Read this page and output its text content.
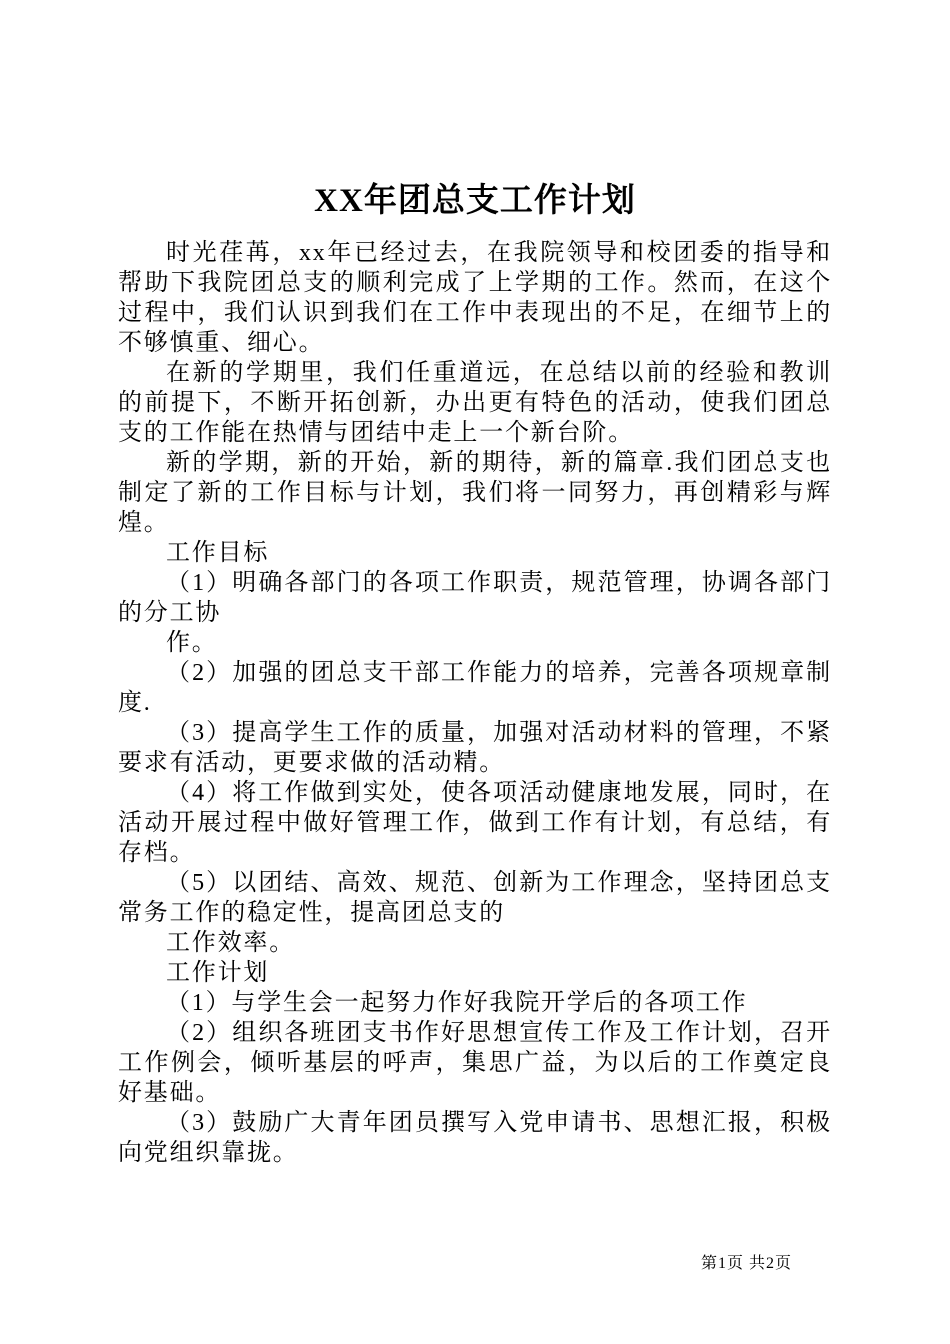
XX年团总支工作计划

时光荏苒，xx年已经过去，在我院领导和校团委的指导和帮助下我院团总支的顺利完成了上学期的工作。然而，在这个过程中，我们认识到我们在工作中表现出的不足，在细节上的不够慎重、细心。

在新的学期里，我们任重道远，在总结以前的经验和教训的前提下，不断开拓创新，办出更有特色的活动，使我们团总支的工作能在热情与团结中走上一个新台阶。

新的学期，新的开始，新的期待，新的篇章.我们团总支也制定了新的工作目标与计划，我们将一同努力，再创精彩与辉煌。

工作目标

（1）明确各部门的各项工作职责，规范管理，协调各部门的分工协

作。

（2）加强的团总支干部工作能力的培养，完善各项规章制度.

（3）提高学生工作的质量，加强对活动材料的管理，不紧要求有活动，更要求做的活动精。

（4）将工作做到实处，使各项活动健康地发展，同时，在活动开展过程中做好管理工作，做到工作有计划，有总结，有存档。

（5）以团结、高效、规范、创新为工作理念，坚持团总支常务工作的稳定性，提高团总支的

工作效率。

工作计划

（1）与学生会一起努力作好我院开学后的各项工作

（2）组织各班团支书作好思想宣传工作及工作计划，召开工作例会，倾听基层的呼声，集思广益，为以后的工作奠定良好基础。

（3）鼓励广大青年团员撰写入党申请书、思想汇报，积极向党组织靠拢。

第1页 共2页
